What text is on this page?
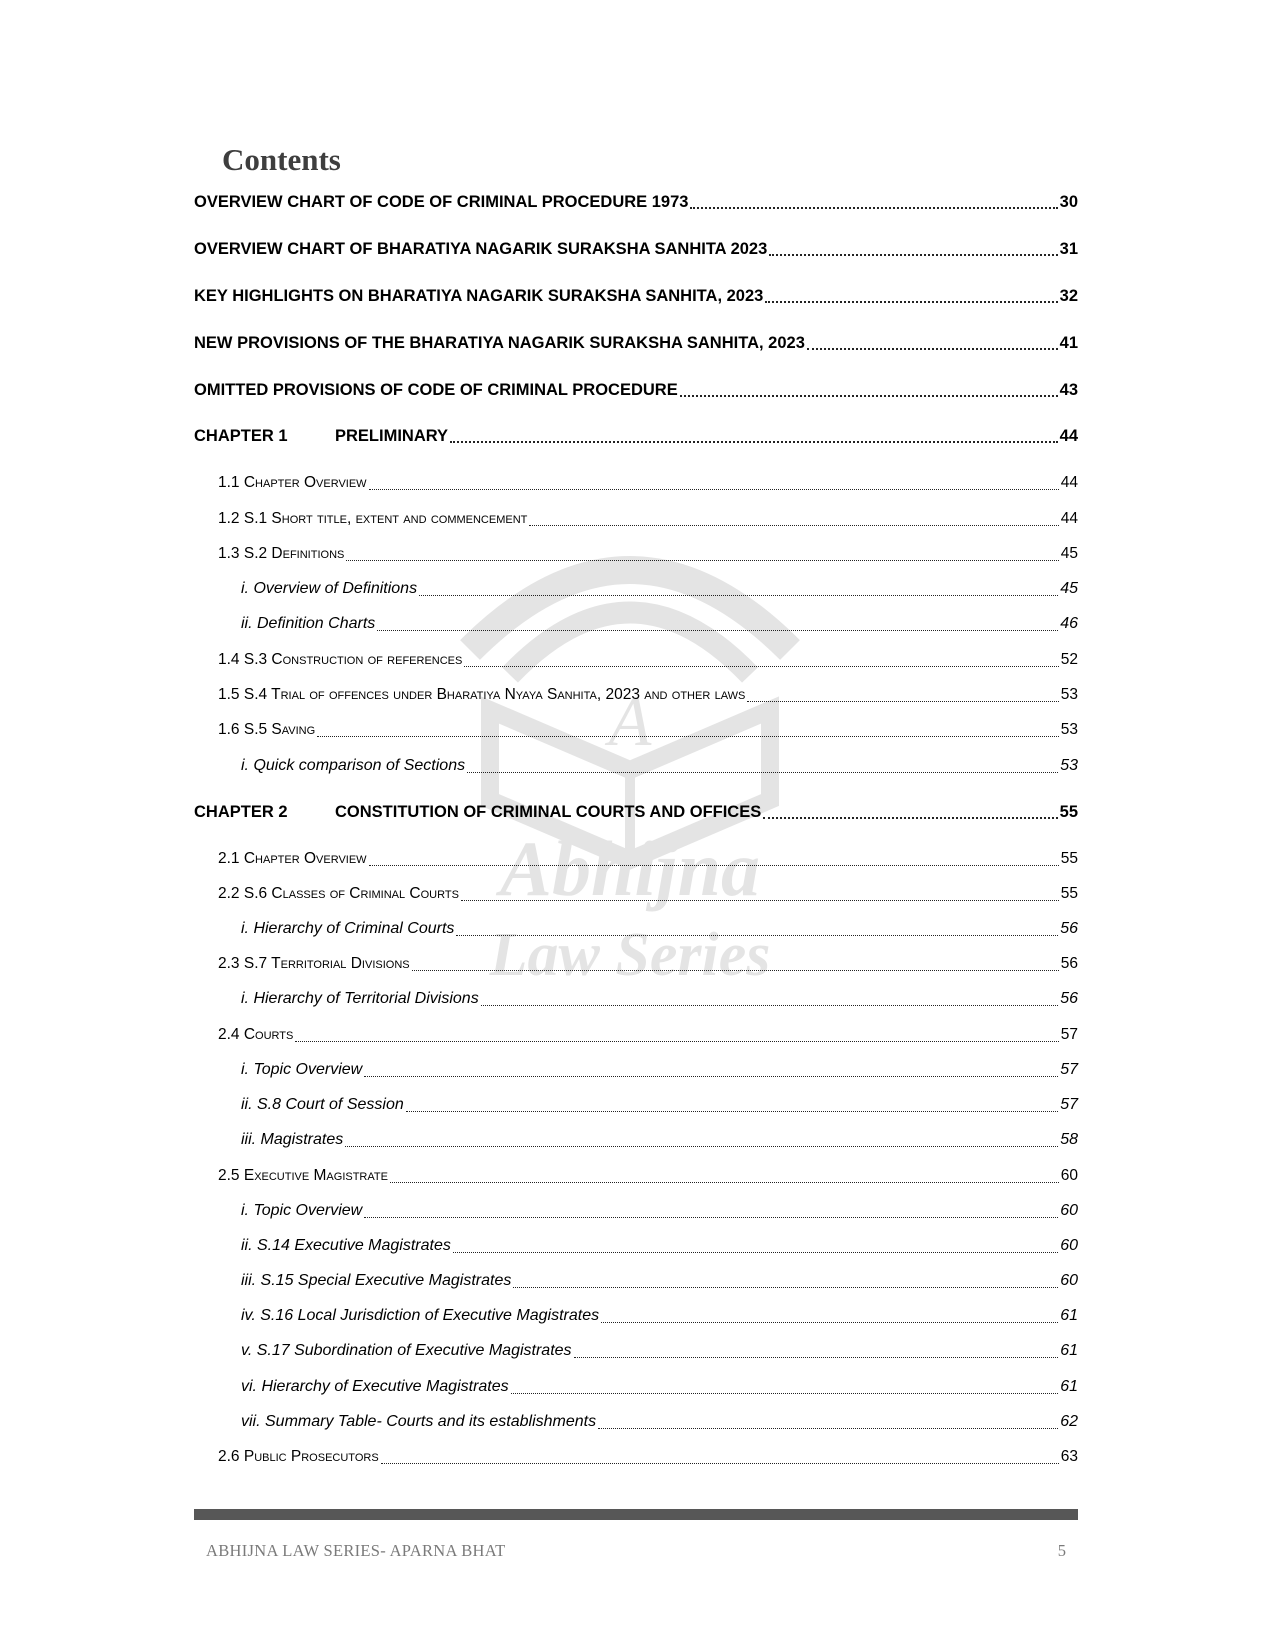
A
Abhijna
Law Series
Contents
OVERVIEW CHART OF CODE OF CRIMINAL PROCEDURE 1973	30
OVERVIEW CHART OF BHARATIYA NAGARIK SURAKSHA SANHITA 2023	31
KEY HIGHLIGHTS ON BHARATIYA NAGARIK SURAKSHA SANHITA, 2023	32
NEW PROVISIONS OF THE BHARATIYA NAGARIK SURAKSHA SANHITA, 2023	41
OMITTED PROVISIONS OF CODE OF CRIMINAL PROCEDURE	43
CHAPTER 1	PRELIMINARY	44
1.1 Chapter Overview	44
1.2 S.1 Short title, extent and commencement	44
1.3 S.2 Definitions	45
i. Overview of Definitions	45
ii. Definition Charts	46
1.4 S.3 Construction of references	52
1.5 S.4 Trial of offences under Bharatiya Nyaya Sanhita, 2023 and other laws	53
1.6 S.5 Saving	53
i. Quick comparison of Sections	53
CHAPTER 2	CONSTITUTION OF CRIMINAL COURTS AND OFFICES	55
2.1 Chapter Overview	55
2.2 S.6 Classes of Criminal Courts	55
i. Hierarchy of Criminal Courts	56
2.3 S.7 Territorial Divisions	56
i. Hierarchy of Territorial Divisions	56
2.4 Courts	57
i. Topic Overview	57
ii. S.8 Court of Session	57
iii. Magistrates	58
2.5 Executive Magistrate	60
i. Topic Overview	60
ii. S.14 Executive Magistrates	60
iii. S.15 Special Executive Magistrates	60
iv. S.16 Local Jurisdiction of Executive Magistrates	61
v. S.17 Subordination of Executive Magistrates	61
vi. Hierarchy of Executive Magistrates	61
vii. Summary Table- Courts and its establishments	62
2.6 Public Prosecutors	63
ABHIJNA LAW SERIES- APARNA BHAT	5
